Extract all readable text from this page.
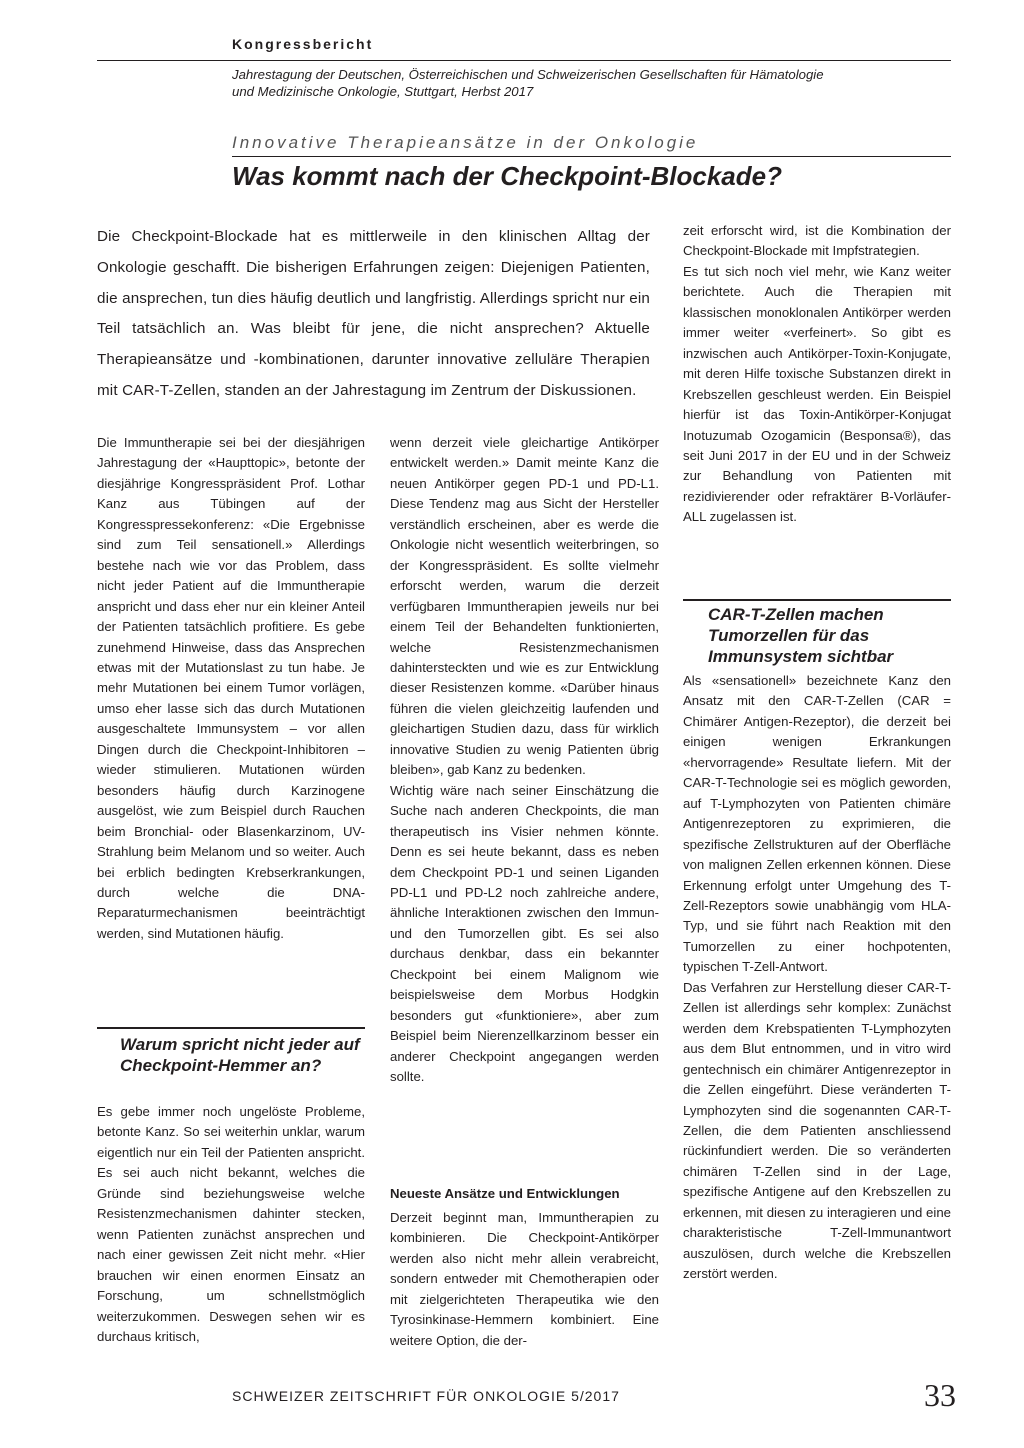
Kongressbericht
Jahrestagung der Deutschen, Österreichischen und Schweizerischen Gesellschaften für Hämatologie
und Medizinische Onkologie, Stuttgart, Herbst 2017
Innovative Therapieansätze in der Onkologie
Was kommt nach der Checkpoint-Blockade?
Die Checkpoint-Blockade hat es mittlerweile in den klinischen Alltag der Onkologie geschafft. Die bisherigen Erfahrungen zeigen: Diejenigen Patienten, die ansprechen, tun dies häufig deutlich und langfristig. Allerdings spricht nur ein Teil tatsächlich an. Was bleibt für jene, die nicht ansprechen? Aktuelle Therapieansätze und -kombinationen, darunter innovative zelluläre Therapien mit CAR-T-Zellen, standen an der Jahrestagung im Zentrum der Diskussionen.

Die Immuntherapie sei bei der diesjährigen Jahrestagung der «Haupttopic», betonte der diesjährige Kongresspräsident Prof. Lothar Kanz aus Tübingen auf der Kongresspressekonferenz: «Die Ergebnisse sind zum Teil sensationell.» Allerdings bestehe nach wie vor das Problem, dass nicht jeder Patient auf die Immuntherapie anspricht und dass eher nur ein kleiner Anteil der Patienten tatsächlich profitiere. Es gebe zunehmend Hinweise, dass das Ansprechen etwas mit der Mutationslast zu tun habe. Je mehr Mutationen bei einem Tumor vorlägen, umso eher lasse sich das durch Mutationen ausgeschaltete Immunsystem – vor allen Dingen durch die Checkpoint-Inhibitoren – wieder stimulieren. Mutationen würden besonders häufig durch Karzinogene ausgelöst, wie zum Beispiel durch Rauchen beim Bronchial- oder Blasenkarzinom, UV-Strahlung beim Melanom und so weiter. Auch bei erblich bedingten Krebserkrankungen, durch welche die DNA-Reparaturmechanismen beeinträchtigt werden, sind Mutationen häufig.

Warum spricht nicht jeder auf Checkpoint-Hemmer an?

Es gebe immer noch ungelöste Probleme, betonte Kanz. So sei weiterhin unklar, warum eigentlich nur ein Teil der Patienten anspricht. Es sei auch nicht bekannt, welches die Gründe sind beziehungsweise welche Resistenzmechanismen dahinter stecken, wenn Patienten zunächst ansprechen und nach einer gewissen Zeit nicht mehr. «Hier brauchen wir einen enormen Einsatz an Forschung, um schnellstmöglich weiterzukommen. Deswegen sehen wir es durchaus kritisch,

wenn derzeit viele gleichartige Antikörper entwickelt werden.» Damit meinte Kanz die neuen Antikörper gegen PD-1 und PD-L1. Diese Tendenz mag aus Sicht der Hersteller verständlich erscheinen, aber es werde die Onkologie nicht wesentlich weiterbringen, so der Kongresspräsident. Es sollte vielmehr erforscht werden, warum die derzeit verfügbaren Immuntherapien jeweils nur bei einem Teil der Behandelten funktionierten, welche Resistenzmechanismen dahintersteckten und wie es zur Entwicklung dieser Resistenzen komme. «Darüber hinaus führen die vielen gleichzeitig laufenden und gleichartigen Studien dazu, dass für wirklich innovative Studien zu wenig Patienten übrig bleiben», gab Kanz zu bedenken.

Wichtig wäre nach seiner Einschätzung die Suche nach anderen Checkpoints, die man therapeutisch ins Visier nehmen könnte. Denn es sei heute bekannt, dass es neben dem Checkpoint PD-1 und seinen Liganden PD-L1 und PD-L2 noch zahlreiche andere, ähnliche Interaktionen zwischen den Immun- und den Tumorzellen gibt. Es sei also durchaus denkbar, dass ein bekannter Checkpoint bei einem Malignom wie beispielsweise dem Morbus Hodgkin besonders gut «funktioniere», aber zum Beispiel beim Nierenzellkarzinom besser ein anderer Checkpoint angegangen werden sollte.

Neueste Ansätze und Entwicklungen

Derzeit beginnt man, Immuntherapien zu kombinieren. Die Checkpoint-Antikörper werden also nicht mehr allein verabreicht, sondern entweder mit Chemotherapien oder mit zielgerichteten Therapeutika wie den Tyrosinkinase-Hemmern kombiniert. Eine weitere Option, die der-

zeit erforscht wird, ist die Kombination der Checkpoint-Blockade mit Impfstrategien.

Es tut sich noch viel mehr, wie Kanz weiter berichtete. Auch die Therapien mit klassischen monoklonalen Antikörper werden immer weiter «verfeinert». So gibt es inzwischen auch Antikörper-Toxin-Konjugate, mit deren Hilfe toxische Substanzen direkt in Krebszellen geschleust werden. Ein Beispiel hierfür ist das Toxin-Antikörper-Konjugat Inotuzumab Ozogamicin (Besponsa®), das seit Juni 2017 in der EU und in der Schweiz zur Behandlung von Patienten mit rezidivierender oder refraktärer B-Vorläufer-ALL zugelassen ist.

CAR-T-Zellen machen Tumorzellen für das Immunsystem sichtbar

Als «sensationell» bezeichnete Kanz den Ansatz mit den CAR-T-Zellen (CAR = Chimärer Antigen-Rezeptor), die derzeit bei einigen wenigen Erkrankungen «hervorragende» Resultate liefern. Mit der CAR-T-Technologie sei es möglich geworden, auf T-Lymphozyten von Patienten chimäre Antigenrezeptoren zu exprimieren, die spezifische Zellstrukturen auf der Oberfläche von malignen Zellen erkennen können. Diese Erkennung erfolgt unter Umgehung des T-Zell-Rezeptors sowie unabhängig vom HLA-Typ, und sie führt nach Reaktion mit den Tumorzellen zu einer hochpotenten, typischen T-Zell-Antwort.

Das Verfahren zur Herstellung dieser CAR-T-Zellen ist allerdings sehr komplex: Zunächst werden dem Krebspatienten T-Lymphozyten aus dem Blut entnommen, und in vitro wird gentechnisch ein chimärer Antigenrezeptor in die Zellen eingeführt. Diese veränderten T-Lymphozyten sind die sogenannten CAR-T-Zellen, die dem Patienten anschliessend rückinfundiert werden. Die so veränderten chimären T-Zellen sind in der Lage, spezifische Antigene auf den Krebszellen zu erkennen, mit diesen zu interagieren und eine charakteristische T-Zell-Immunantwort auszulösen, durch welche die Krebszellen zerstört werden.

SCHWEIZER ZEITSCHRIFT FÜR ONKOLOGIE 5/2017	33
